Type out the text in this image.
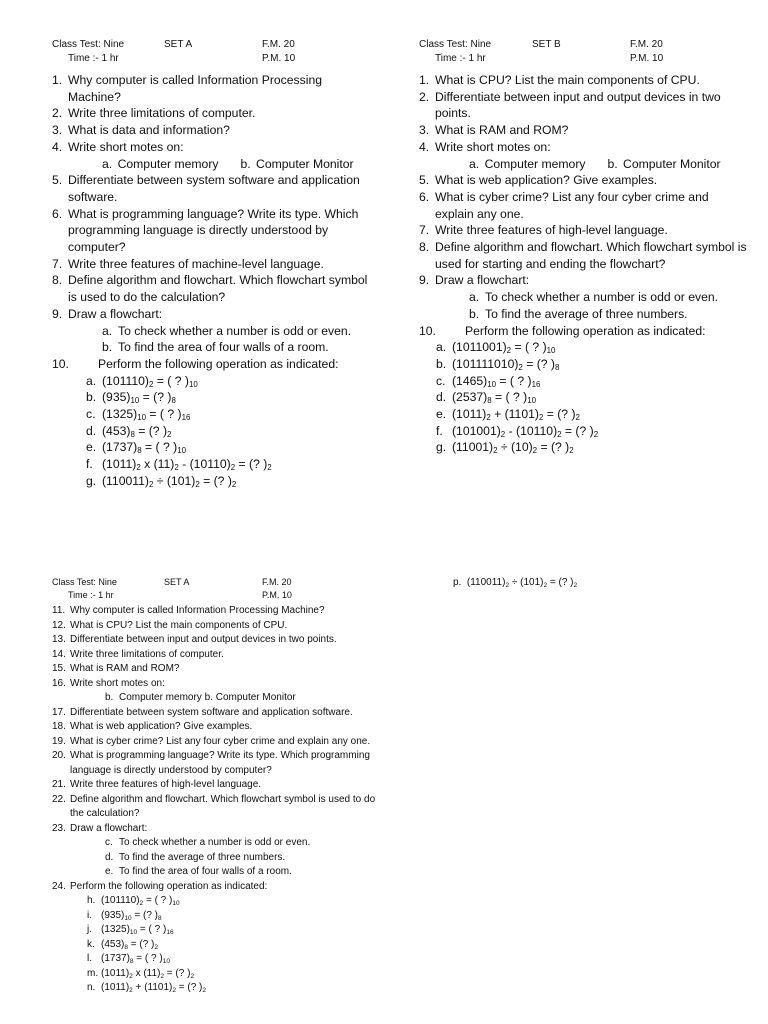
Class Test: Nine	SET A	F.M. 20
Time :- 1 hr	P.M. 10
1. Why computer is called Information Processing Machine?
2. Write three limitations of computer.
3. What is data and information?
4. Write short motes on:
a. Computer memory b. Computer Monitor
5. Differentiate between system software and application software.
6. What is programming language? Write its type. Which programming language is directly understood by computer?
7. Write three features of machine-level language.
8. Define algorithm and flowchart. Which flowchart symbol is used to do the calculation?
9. Draw a flowchart:
a. To check whether a number is odd or even.
b. To find the area of four walls of a room.
10.	Perform the following operation as indicated:
a. $(101110)_2$ = ( ? )$_{10}$
b. $(935)_{10}$ = (? )$_8$
c. $(1325)_{10}$ = ( ? )$_{16}$
d. $(453)_8$ = (? )$_2$
e. $(1737)_8$ = ( ? )$_{10}$
f. $(1011)_2$ x $(11)_2 - (10110)_2$ = (? )$_2$
g. $(110011)_2 \div (101)_2$ = (? )$_2$
Class Test: Nine	SET B	F.M. 20
Time :- 1 hr	P.M. 10
1. What is CPU? List the main components of CPU.
2. Differentiate between input and output devices in two points.
3. What is RAM and ROM?
4. Write short motes on:
a. Computer memory b. Computer Monitor
5. What is web application? Give examples.
6. What is cyber crime? List any four cyber crime and explain any one.
7. Write three features of high-level language.
8. Define algorithm and flowchart. Which flowchart symbol is used for starting and ending the flowchart?
9. Draw a flowchart:
a. To check whether a number is odd or even.
b. To find the average of three numbers.
10.	Perform the following operation as indicated:
a. $(1011001)_2$ = ( ? )$_{10}$
b. $(101111010)_2$ = (? )$_8$
c. $(1465)_{10}$ = ( ? )$_{16}$
d. $(2537)_8$ = ( ? )$_{10}$
e. $(1011)_2 + (1101)_2$ = (? )$_2$
f. $(101001)_2 - (10110)_2$ = (? )$_2$
g. $(11001)_2 \div (10)_2$ = (? )$_2$
Class Test: Nine	SET A	F.M. 20
Time :- 1 hr	P.M. 10
11. Why computer is called Information Processing Machine?
12. What is CPU? List the main components of CPU.
13. Differentiate between input and output devices in two points.
14. Write three limitations of computer.
15. What is RAM and ROM?
16. Write short motes on:
b. Computer memory b. Computer Monitor
17. Differentiate between system software and application software.
18. What is web application? Give examples.
19. What is cyber crime? List any four cyber crime and explain any one.
20. What is programming language? Write its type. Which programming language is directly understood by computer?
21. Write three features of high-level language.
22. Define algorithm and flowchart. Which flowchart symbol is used to do the calculation?
23. Draw a flowchart:
c. To check whether a number is odd or even.
d. To find the average of three numbers.
e. To find the area of four walls of a room.
24. Perform the following operation as indicated:
h. $(101110)_2$ = ( ? )$_{10}$
i. $(935)_{10}$ = (? )$_8$
j. $(1325)_{10}$ = ( ? )$_{16}$
k. $(453)_8$ = (? )$_2$
l. $(1737)_8$ = ( ? )$_{10}$
m. $(1011)_2$ x $(11)_2$ = (? )$_2$
n. $(1011)_2 + (1101)_2$ = (? )$_2$
p. $(110011)_2 \div (101)_2$ = (? )$_2$
